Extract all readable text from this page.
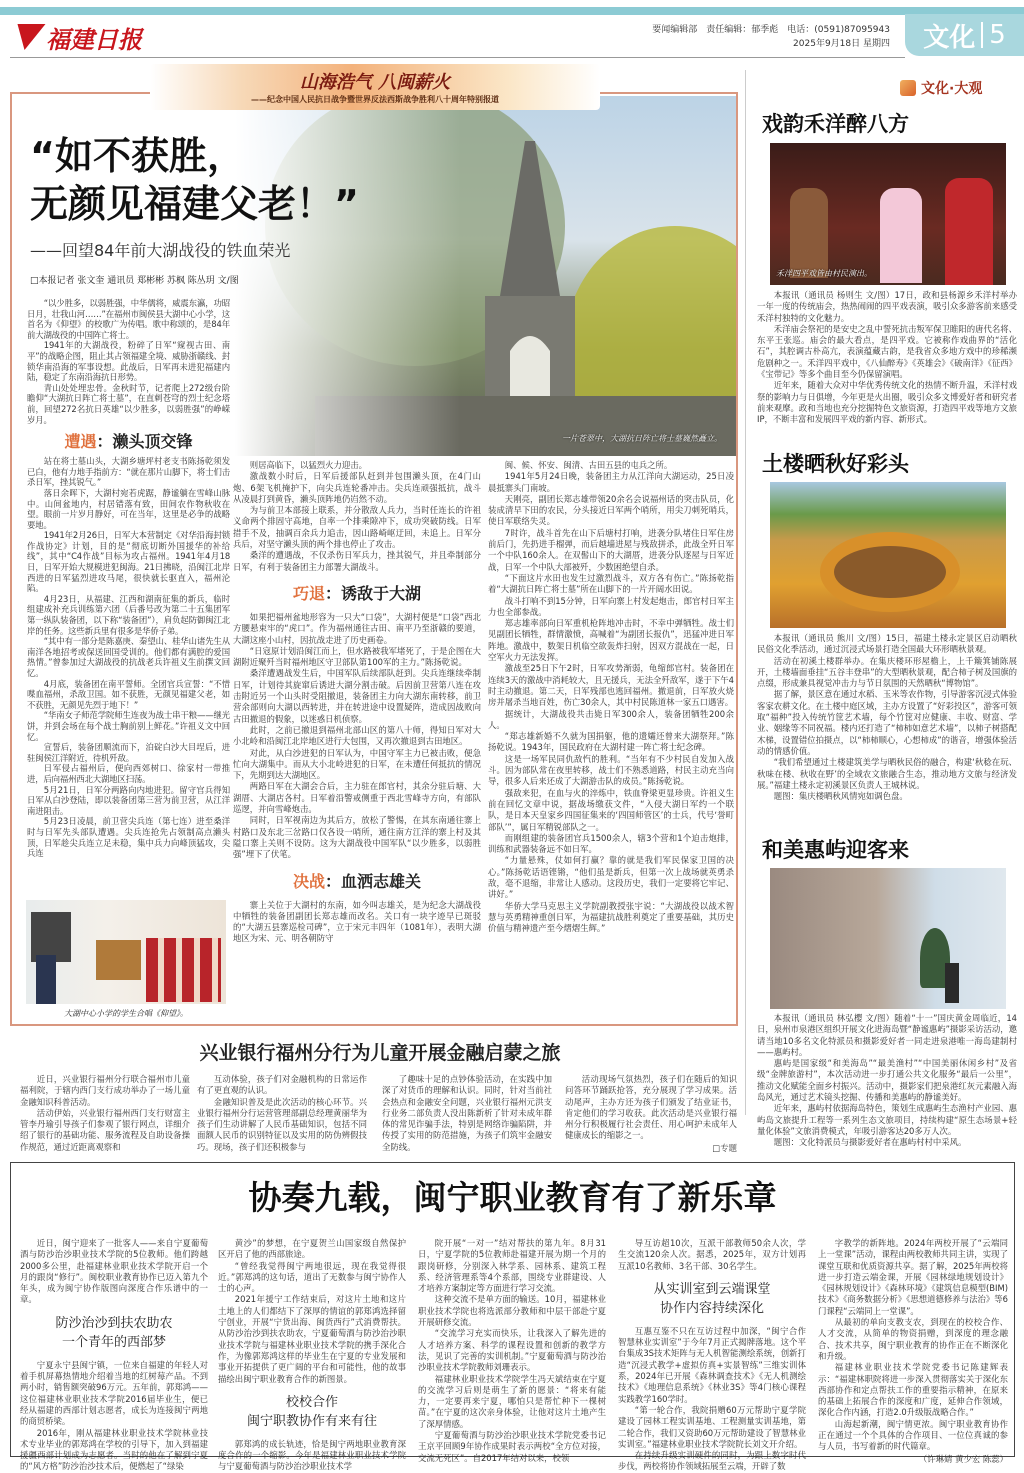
福建日报	要闻编辑部　责任编辑：郁季彪　电话：(0591)87095943
2025年9月18日 星期四 文化 5
一片苍翠中，大湖抗日阵亡将士墓巍然矗立。
山海浩气 八闽薪火
——纪念中国人民抗日战争暨世界反法西斯战争胜利八十周年特别报道
“如不获胜，
无颜见福建父老！”
——回望84年前大湖战役的铁血荣光
□本报记者 张文奎 通讯员 郑彬彬 苏枫 陈丛玥 文/图

“以少胜多，以弱胜强，中华儒将，威震东瀛，功昭日月，壮我山河……”在福州市闽侯县大湖中心小学，这首名为《仰望》的校歌广为传唱。歌中称颂的，是84年前大湖战役的中国阵亡将士。

1941年的大湖战役，粉碎了日军“窥视古田、南平”的战略企图，阻止其占领福建全境、威胁浙赣线、封锁华南沿海的军事设想。此战后，日军再未进犯福建内陆，稳定了东南沿海抗日形势。

青山处处埋忠骨。金秋时节，记者爬上272级台阶瞻仰“大湖抗日阵亡将士墓”，在直刺苍穹的烈士纪念塔前，回望272名抗日英雄“以少胜多，以弱胜强”的峥嵘岁月。

遭遇：濑头顶交锋

站在将士墓山头，大湖乡塘坪村老支书陈扬乾须发已白，他有力地手指前方：“就在那片山脚下，将士们击杀日军，挫其锐气。”

落日余晖下，大湖村宛若虎踞，静谧躺在雪峰山脉中。山间盆地内，村居错落有致，田间农作物秋收在望。眼前一片岁月静好，可在当年，这里是必争的战略要地。

1941年2月26日，日军大本营制定《对华沿海封锁作战协定》计划，目的是“彻底切断外国援华的补给线”，其中“C4作战”目标为攻占福州。1941年4月18日，日军开始大规模进犯闽海。21日拂晓，沿闽江北岸西进的日军猛烈进攻马尾，很快就长驱直入，福州沦陷。

4月23日，从福建、江西和湖南征集的新兵，临时组建成补充兵训练第六团（后番号改为第二十五集团军第一纵队装备团，以下称“装备团”），肩负起防御闽江北岸的任务。这些新兵里有很多是华侨子弟。

“其中有一部分是陈嘉庚、秦望山、桂华山诸先生从南洋各地招考或保送回国受训的。他们都有满腔的爱国热情。”曾参加过大湖战役的抗战老兵许祖义生前撰文回忆。

4月底，装备团在南平誓师。全团官兵宣誓：“不惜喋血福州，杀敌卫国。如不获胜，无颜见福建父老，如不获胜，无颜见先烈于地下！”

“华南女子师范学院师生连夜为战士串干粮——继光饼，并到会场在每个战士胸前别上鲜花。”许祖义文中回忆。

宣誓后，装备团顺流而下，泊碇白沙大目埕后，进驻闽侯江洋附近，待机歼敌。

日军侵占福州后，便向西郊树口、徐家村一带推进，后向福州西北大湖地区扫荡。

5月21日，日军分两路向内地进犯。留守官兵得知日军从白沙登陆，即以装备团第三营为前卫营，从江洋南进阻击。

5月23日凌晨，前卫营尖兵连（第七连）进至桑洋时与日军先头部队遭遇。尖兵连抢先占领制高点濑头顶，日军趁尖兵连立足未稳，集中兵力向峰顶猛攻，尖兵连

大湖中心小学的学生合唱《仰望》。

则居高临下，以猛烈火力迎击。

激战数小时后，日军后援部队赶到并包围濑头顶，在4门山炮、6架飞机掩护下，向尖兵连轮番冲击。尖兵连顽强抵抗，战斗从凌晨打到黄昏，濑头顶阵地仍岿然不动。

为与前卫本部接上联系，并分散敌人兵力，当时任连长的许祖义命两个排固守高地，自率一个排乘隙冲下，成功突破防线。日军措手不及，抽调百余兵力追击，因山路崎岖迂回，未追上。日军分兵后，对坚守濑头顶的两个排也停止了攻击。

桑洋的遭遇战，不仅杀伤日军兵力，挫其锐气，并且牵制部分日军，有利于装备团主力部署大湖战斗。

巧退：诱敌于大湖

如果把福州盆地形容为一只大“口袋”，大湖村便是“口袋”西北方腰悬束牢的“虎口”。作为福州通往古田、南平乃至浙赣的要道，大湖这座小山村，因抗战走进了历史画卷。

“日寇原计划沿闽江而上，但水路被我军堵死了，于是企图在大湖附近聚歼当时福州地区守卫部队第100军的主力。”陈扬乾说。

桑洋遭遇战发生后，中国军队后续部队赶到。尖兵连继续牵制日军，计划待其旋窜后诱进大湖分割击破。后因前卫营第八连在攻击附近另一个山头时受阻撤退，装备团主力向大湖东南转移，前卫营余部则向大湖以西转进，并在转进途中设置疑阵，造成因战败向古田撤退的假象，以迷惑日机侦察。

此时，之前已撤退到福州北部山区的第八十师，得知日军对大小北岭和沿闽江北岸地区进行大包围，又再次撤退到古田地区。

对此，从白沙进犯的日军认为，中国守军主力已被击败，便急忙向大湖集中。而从大小北岭进犯的日军，在未遭任何抵抗的情况下，先期到达大湖地区。

两路日军在大湖会合后，主力驻在郎官村，其余分驻后塘、大湖厝、大湖店各村。日军着沿警戒侧重于西北雪峰寺方向，有部队巡逻，并向雪峰炮击。

同时，日军视南边为其后方，放松了警惕，在其东南通往寨上村路口及东北三岔路口仅各设一哨所，通往南方江洋的寨上村及其隘口寨上关则不设防。这为大湖战役中国军队“以少胜多，以弱胜强”埋下了伏笔。

决战：血洒志雄关

寨上关位于大湖村的东南，如今叫志雄关，是为纪念大湖战役中牺牲的装备团副团长郑志雄而改名。关口有一块字迹早已斑驳的“大湖五县寨巡检司碑”，立于宋元丰四年（1081年），表明大湖地区为宋、元、明各朝防守

闽、候、怀安、闽清、古田五县的屯兵之所。

1941年5月24日晚，装备团主力从江洋向大湖运动，25日凌晨抵寨头门南坡。

天刚亮，副团长郑志雄带领20余名会说福州话的突击队员，化装成清早下田的农民，分头接近日军两个哨所，用尖刀刺死哨兵，使日军联络失灵。

7时许，战斗首先在山下后塘村打响，进袭分队堵住日军住房前后门，先扔进手榴弹，而后越墙进屋与残敌拼杀，此战全歼日军一个中队160余人。在双髻山下的大湖厝，进袭分队逐屋与日军近战，日军一个中队大部被歼，少数困绝望自杀。

“下面这片水田也发生过激烈战斗，双方各有伤亡。”陈扬乾指着“大湖抗日阵亡将士墓”所在山脚下的一片开阔水田说。

战斗打响不到15分钟，日军向寨上村发起炮击，郎官村日军主力也全部参战。

郑志雄率部向日军重机枪阵地冲击时，不幸中弹牺牲。战士们见副团长牺牲，群情激愤，高喊着“为副团长报仇”，迅猛冲进日军阵地。激战中，数架日机临空欲轰炸扫射，因双方混战在一起，日空军火力无法发挥。

激战至25日下午2时，日军攻势渐弱，龟缩郎官村。装备团在连续3天的激战中消耗较大，且无援兵，无法全歼敌军，遂于下午4时主动撤退。第二天，日军残部也逃回福州。撤退前，日军放火烧房并屠杀当地百姓，伤亡30余人，其中村民陈道林一家五口遇害。

据统计，大湖战役共击毙日军300余人，装备团牺牲200余人。

“郑志雄新婚不久就为国捐躯，他的遗孀还曾来大湖祭拜。”陈扬乾说。1943年，国民政府在大湖村建一阵亡将士纪念碑。

这是一场军民同仇敌忾的胜利。“当年有不少村民自发加入战斗。因为部队常在夜里转移，战士们不熟悉道路，村民主动充当向导，很多人后来还成了大湖游击队的成员。”陈扬乾说。

强敌来犯，在血与火的淬炼中，铁血脊梁更显珍贵。许祖义生前在回忆文章中说，据战场缴获文件，“入侵大湖日军约一个联队，是日本天皇家乡四国征集来的‘四国师管区’的士兵，代号‘誉町部队’”，属日军精锐部队之一。

而刚组建的装备团官兵1500余人，辖3个营和1个迫击炮排，训练和武器装备远不如日军。

“力量悬殊，仗如何打赢？靠的就是我们军民保家卫国的决心。”陈扬乾话语铿锵，“他们虽是新兵，但第一次上战场就英勇杀敌，毫不退缩，非常让人感动。这段历史，我们一定要将它牢记、讲好。”

华侨大学马克思主义学院副教授张宇说：“大湖战役以战术智慧与英勇精神重创日军，为福建抗战胜利奠定了重要基础，其历史价值与精神遗产至今熠熠生辉。”

文化·大观
戏韵禾洋醉八方
禾洋四平戏皆由村民演出。

本报讯（通讯员 杨则生 文/图）17日，政和县杨源乡禾洋村举办一年一度的传统庙会，热热闹闹的四平戏表演，吸引众多游客前来感受禾洋村独特的文化魅力。

禾洋庙会祭祀的是安史之乱中誓死抗击叛军保卫睢阳的唐代名将、东平王张巡。庙会的最大看点，是四平戏。它被称作戏曲界的“活化石”，其腔调古朴高亢，表演蕴藏古韵，是我省众多地方戏中的珍稀濒危剧种之一。禾洋四平戏中，《八仙醉寿》《英雄会》《破南洋》《征西》《宝带记》等多个曲目至今仍保留演唱。

近年来，随着大众对中华优秀传统文化的热情不断升温，禾洋村戏祭的影响力与日俱增，今年更是火出圈，吸引众多文博爱好者和研究者前来观摩。政和当地也充分挖掘特色文旅资源，打造四平戏等地方文旅IP，不断丰富和发展四平戏的新内容、新形式。

土楼晒秋好彩头

本报讯（通讯员 熊川 文/图）15日，福建土楼永定景区启动晒秋民俗文化季活动，通过沉浸式场景打造全国最大环形晒秋景观。

活动在初溪土楼群举办。在集庆楼环形屋檐上，上千簸箕铺陈展开，土楼墙面垂挂“五谷丰登串”的大型晒秋景观，配合柿子树及国旗的点缀，形成兼具视觉冲击力与节日氛围的天然晒秋“博物馆”。

据了解，景区意在通过水稻、玉米等农作物，引导游客沉浸式体验客家农耕文化。在土楼中庭区域，主办方设置了“好彩投区”，游客可领取“福种”投入传统竹筐艺术墙，每个竹筐对应健康、丰收、财富、学业、姻缘等不同祝福。楼内还打造了“柿柿如意艺术墙”，以柿子树搭配木梯，设置错位拍摄点，以“柿柿顺心，心想柿成”的谐音，增强体验活动的情感价值。

“我们希望通过土楼建筑美学与晒秋民俗的融合，构建‘秋稔在玩、秋味在楼、秋收在野’的全域农文旅融合生态，推动地方文旅与经济发展。”福建土楼永定初溪景区负责人王城林说。

题图：集庆楼晒秋风情宛如调色盘。

和美惠屿迎客来

本报讯（通讯员 林弘樱 文/图）随着“十一”国庆黄金周临近，14日，泉州市泉港区组织开展文化进海岛暨“静谧惠屿”摄影采访活动，邀请当地10多名文化特派员和摄影爱好者一同走进泉港唯一海岛建制村——惠屿村。

惠屿是国家级“和美海岛”“最美渔村”“中国美丽休闲乡村”及省级“金牌旅游村”，本次活动进一步打通公共文化服务“最后一公里”，推动文化赋能全面乡村振兴。活动中，摄影家们把泉港红灰元素融入海岛风光，通过艺术镜头挖掘、传播和美惠屿的静谧美好。

近年来，惠屿村依据海岛特色，策划生成惠屿生态渔村产业园、惠屿岛文旅提升工程等一系列生态文旅项目，持续构建“原生态场景+轻量化体验”文旅消费模式，年吸引游客达20多万人次。

题图：文化特派员与摄影爱好者在惠屿村村中采风。

兴业银行福州分行为儿童开展金融启蒙之旅

近日，兴业银行福州分行联合福州市儿童福利院，于辖内西门支行成功举办了一场儿童金融知识科普活动。

活动伊始，兴业银行福州西门支行财富主管李丹瑜引导孩子们参观了银行网点，详细介绍了银行的基础功能、服务流程及自助设备操作规范，通过近距离观察和

互动体验，孩子们对金融机构的日常运作有了更直观的认识。

金融知识普及是此次活动的核心环节。兴业银行福州分行运营管理部副总经理黄丽华为孩子们生动讲解了人民币基础知识，包括不同面额人民币的识别特征以及实用的防伪辨假技巧。现场，孩子们还积极参与

了趣味十足的点钞体验活动，在实践中加深了对货币的理解和认识。同时，针对当前社会热点和金融安全问题，兴业银行福州元洪支行业务二部负责人没出陈新析了针对未成年群体的常见诈骗手法，特别是网络诈骗陷阱，并传授了实用的防范措施，为孩子们筑牢金融安全防线。

活动现场气氛热烈，孩子们在随后的知识问答环节踊跃抢答，充分展现了学习成果。活动尾声，主办方还为孩子们颁发了结业证书，肯定他们的学习收获。此次活动是兴业银行福州分行积极履行社会责任、用心呵护未成年人健康成长的缩影之一。

□专题
协奏九载，闽宁职业教育有了新乐章

近日，闽宁迎来了一批客人——来自宁夏葡萄酒与防沙治沙职业技术学院的5位教师。他们跨越2000多公里，赴福建林业职业技术学院开启一个月的跟岗“修行”。闽校职业教育协作已迈入第九个年头，成为闽宁协作版图向深度合作乐谱中的一章。

防沙治沙到扶农助农
一个青年的西部梦

宁夏永宁县闽宁镇，一位来自福建的年轻人对着手机屏幕热情地介绍着当地的红树莓产品。不到两小时，销售额突破96万元。五年前，郭郑鸿——这位福建林业职业技术学院2016届毕业生，便已经从福建的西部计划志愿者，成长为连接闽宁两地的商贸桥梁。

2016年，刚从福建林业职业技术学院林业技术专业毕业的郭郑鸿在学校的引导下，加入到福建援疆西部计划成为志愿者。当时的他在了解到宁夏的“风方格”防沙治沙技术后，便燃起了“绿染

黄沙”的梦想，在宁夏贺兰山国家级自然保护区开启了他的西部旅途。

“曾经我觉得闽宁两地很远，现在我觉得很近。”郭郑鸿的这句话，道出了无数参与闽宁协作人士的心声。

2021年援宁工作结束后，对这片土地和这片土地上的人们都结下了深厚的情谊的郭郑鸿选择留宁创业，开展“宁货出海、闽货西行”式消费帮扶。从防沙治沙到扶农助农，宁夏葡萄酒与防沙治沙职业技术学院与福建林业职业技术学院的携手深化合作，为像郭郑鸿这样的毕业生在宁夏的专业发展和事业开拓提供了更广阔的平台和可能性，他的故事描绘出闽宁职业教育合作的新图景。

校校合作
闽宁职教协作有来有往

郭郑鸿的成长轨迹，恰是闽宁两地职业教育深度合作的一个缩影。今年是福建林业职业技术学院与宁夏葡萄酒与防沙治沙职业技术学

院开展“一对一”结对帮扶的第九年。8月31日，宁夏学院的5位教师赴福建开展为期一个月的跟岗研修，分别深入林学系、园林系、建筑工程系、经济管理系等4个系部，围绕专业群建设、人才培养方案制定等方面进行学习交流。

这种交流不是单方面的输送。10月，福建林业职业技术学院也将选派部分教师和中层干部赴宁夏开展研修交流。

“交流学习充实而快乐，让我深入了解先进的人才培养方案、科学的课程设置和创新的教学方法，见识了完善的实训机制。”宁夏葡萄酒与防沙治沙职业技术学院教师刘珊表示。

福建林业职业技术学院学生冯天斌结束在宁夏的交流学习后则是萌生了新的愿景：“将来有能力，一定要再来宁夏，哪怕只是帮忙种下一棵树苗。”在宁夏的这次亲身体验，让他对这片土地产生了深厚情感。

宁夏葡萄酒与防沙治沙职业技术学院党委书记王京平回顾9年协作成果时表示两校“全方位对接，交流无死区”。自2017年结对以来，校领

导互访超10次，互派干部教师50余人次，学生交流120余人次。据悉，2025年，双方计划再互派10名教师、3名干部、30名学生。

从实训室到云端课堂
协作内容持续深化

互惠互鉴不只在互访过程中加深，“闽宁合作智慧林业实训室”于今年7月正式揭牌落地。这个平台集成3S技术矩阵与无人机智能测绘系统，创新打造“沉浸式教学+虚拟仿真+实景智练”三维实训体系，2024年已开展《森林调查技术》《无人机测绘技术》《地理信息系统》《林业3S》等4门核心课程实践教学160学时。

“第一轮合作，我院捐赠60万元帮助宁夏学院建设了园林工程实训基地、工程测量实训基地，第二轮合作，我们又资助60万元帮助建设了智慧林业实训室。”福建林业职业技术学院院长刘文开介绍。

在持续升级实训硬件的同时，为跟上数字时代步伐，两校将协作领域拓展至云端，开辟了数

字教学的新阵地。2024年两校开展了“云端同上一堂课”活动，课程由两校教师共同主讲，实现了课堂互联和优质资源共享。据了解，2025年两校将进一步打造云端金课，开展《园林绿地规划设计》《园林规划设计》《森林环境》《建筑信息模型(BIM)技术》《商务数据分析》《思想道德修养与法治》等6门课程“云端同上一堂课”。

从最初的单向支教支农，到现在的校校合作、人才交流，从简单的物资捐赠，到深度的理念融合、技术共享，闽宁职业教育的协作正在不断深化和升级。

福建林业职业技术学院党委书记陈建辉表示：“福建林职院将进一步深入贯彻落实关于深化东西部协作和定点帮扶工作的重要指示精神，在原来的基础上拓展合作的深度和广度，延伸合作领域，深化合作内涵，打造2.0升级版战略合作。”

山海起新潮，闽宁情更浓。闽宁职业教育协作正在通过一个个具体的合作项目、一位位真诚的参与人员，书写着新的时代篇章。

（许琳婧 黄少宏 陈蕊）
